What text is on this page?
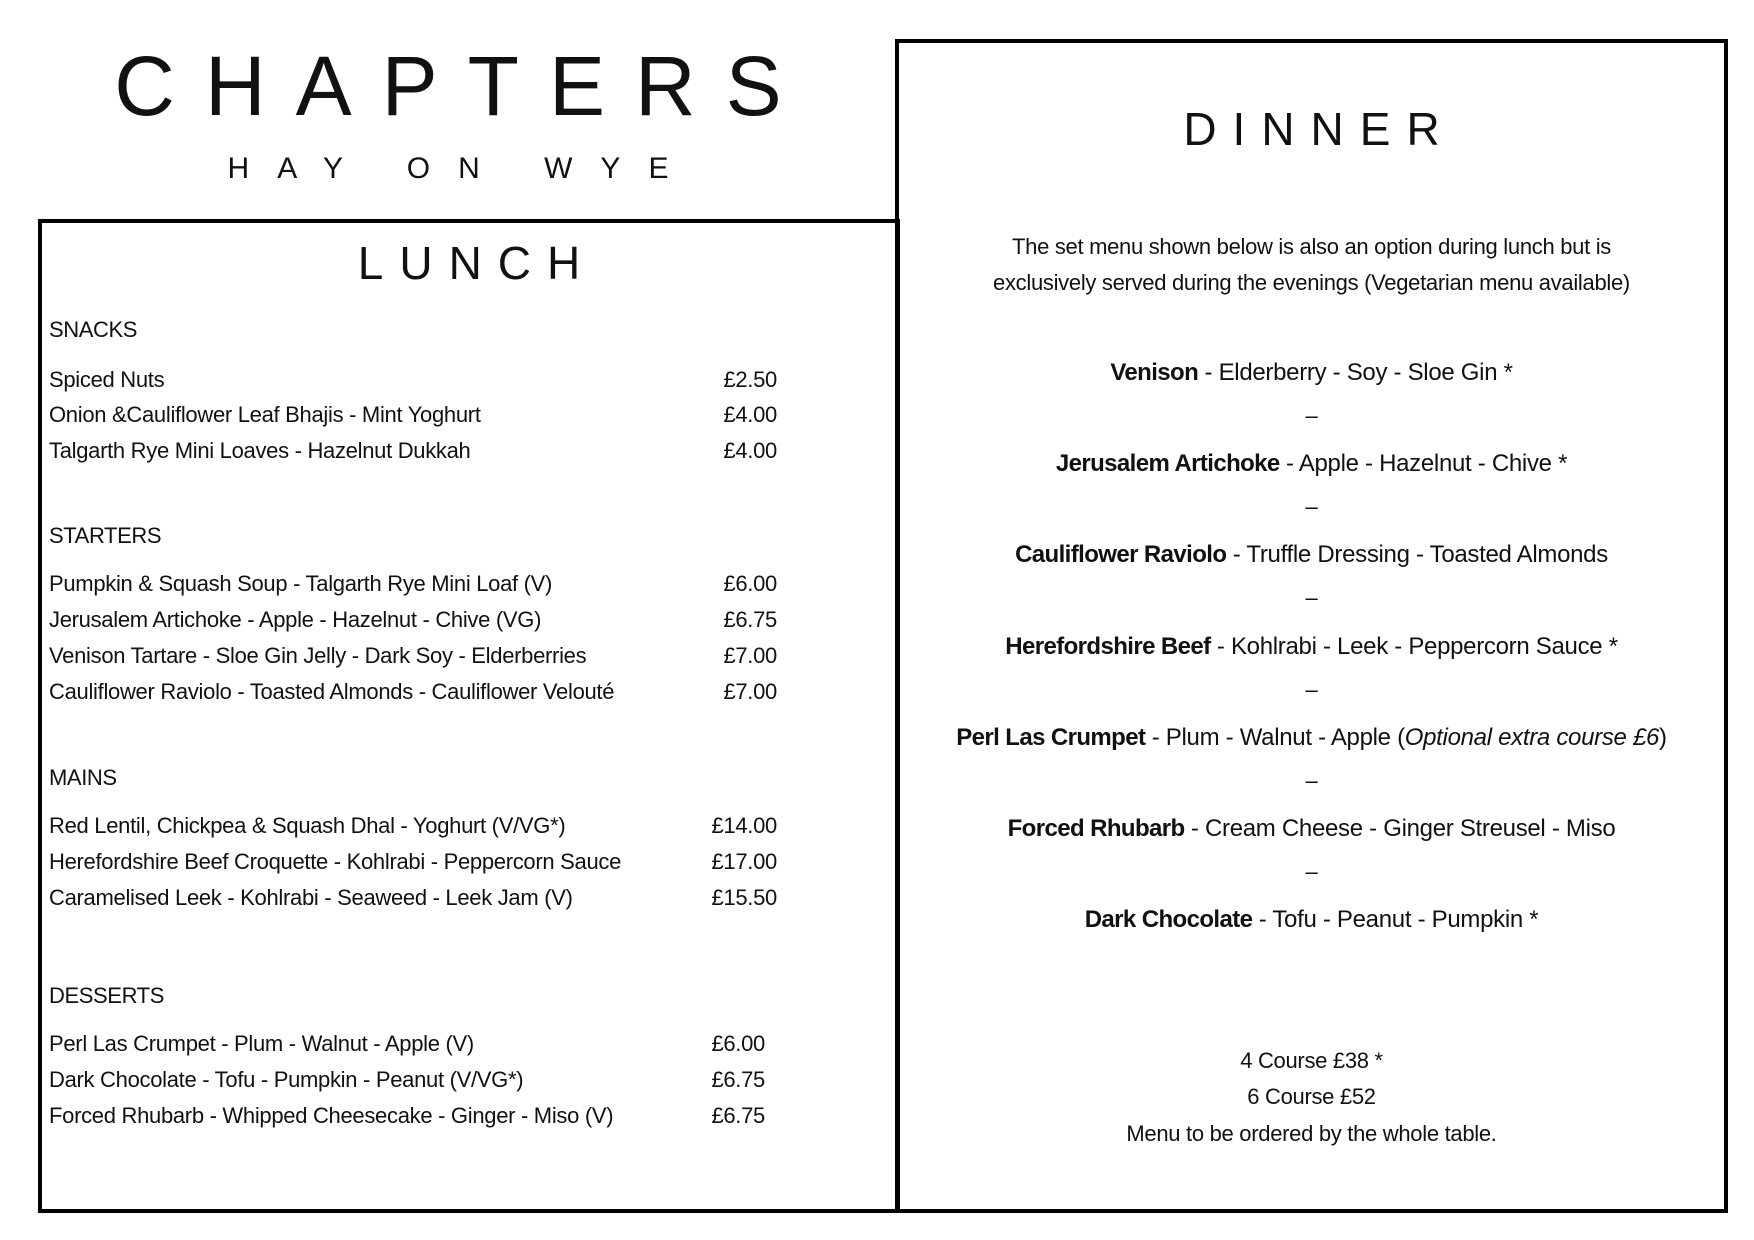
CHAPTERS
HAY ON WYE
LUNCH
DINNER
SNACKS
Spiced Nuts	£2.50
Onion &Cauliflower Leaf Bhajis - Mint Yoghurt	£4.00
Talgarth Rye Mini Loaves - Hazelnut Dukkah	£4.00
STARTERS
Pumpkin & Squash Soup - Talgarth Rye Mini Loaf (V)	£6.00
Jerusalem Artichoke - Apple - Hazelnut - Chive (VG)	£6.75
Venison Tartare - Sloe Gin Jelly - Dark Soy - Elderberries	£7.00
Cauliflower Raviolo - Toasted Almonds - Cauliflower Velouté	£7.00
MAINS
Red Lentil, Chickpea & Squash Dhal - Yoghurt (V/VG*)	£14.00
Herefordshire Beef Croquette - Kohlrabi - Peppercorn Sauce	£17.00
Caramelised Leek - Kohlrabi - Seaweed - Leek Jam (V)	£15.50
DESSERTS
Perl Las Crumpet - Plum - Walnut - Apple (V)	£6.00
Dark Chocolate - Tofu - Pumpkin - Peanut (V/VG*)	£6.75
Forced Rhubarb - Whipped Cheesecake - Ginger - Miso (V)	£6.75
Venison - Elderberry - Soy - Sloe Gin *
–
Jerusalem Artichoke - Apple - Hazelnut - Chive *
–
Cauliflower Raviolo - Truffle Dressing - Toasted Almonds
–
Herefordshire Beef - Kohlrabi - Leek - Peppercorn Sauce *
–
Perl Las Crumpet - Plum - Walnut - Apple (Optional extra course £6)
–
Forced Rhubarb - Cream Cheese - Ginger Streusel - Miso
–
Dark Chocolate - Tofu - Peanut - Pumpkin *
The set menu shown below is also an option during lunch but is
exclusively served during the evenings (Vegetarian menu available)
4 Course £38 *
6 Course £52
Menu to be ordered by the whole table.
